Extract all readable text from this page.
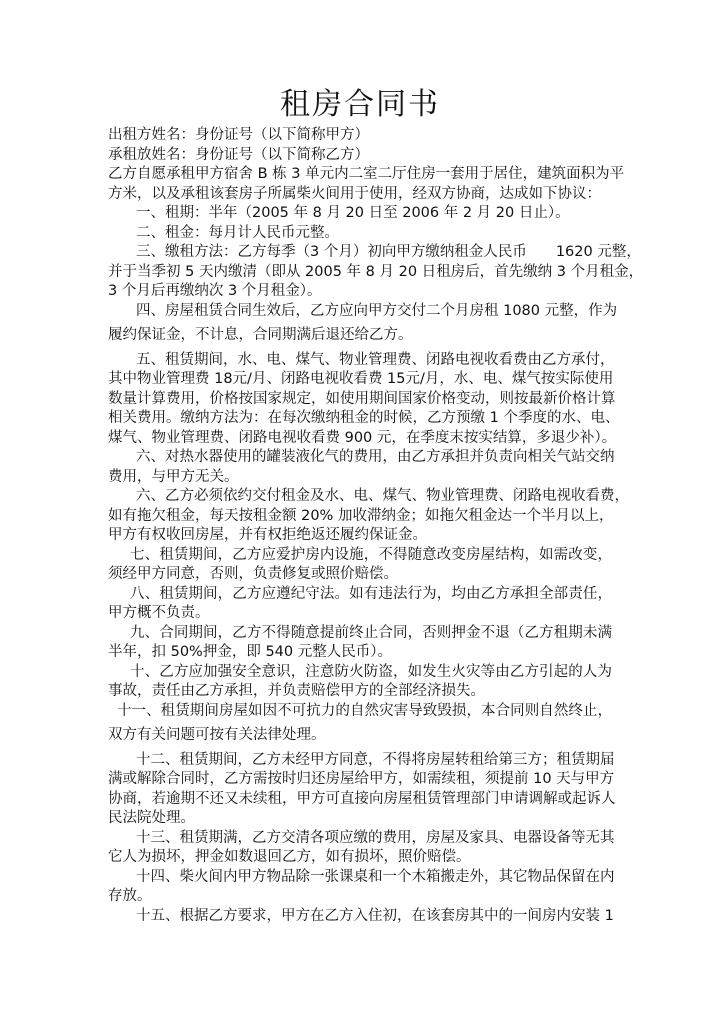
租房合同书
出租方姓名：身份证号（以下简称甲方）
承租放姓名：身份证号（以下简称乙方）
乙方自愿承租甲方宿舍 B 栋 3 单元内二室二厅住房一套用于居住，建筑面积为平
方米，以及承租该套房子所属柴火间用于使用，经双方协商，达成如下协议：
一、租期：半年（2005 年 8 月 20 日至 2006 年 2 月 20 日止）。
二、租金：每月计人民币元整。
三、缴租方法：乙方每季（3 个月）初向甲方缴纳租金人民币　　1620 元整，
并于当季初 5 天内缴清（即从 2005 年 8 月 20 日租房后，首先缴纳 3 个月租金，
3 个月后再缴纳次 3 个月租金）。
四、房屋租赁合同生效后，乙方应向甲方交付二个月房租 1080 元整，作为
履约保证金，不计息，合同期满后退还给乙方。
五、租赁期间，水、电、煤气、物业管理费、闭路电视收看费由乙方承付，
其中物业管理费 18元/月、闭路电视收看费 15元/月，水、电、煤气按实际使用
数量计算费用，价格按国家规定，如使用期间国家价格变动，则按最新价格计算
相关费用。缴纳方法为：在每次缴纳租金的时候，乙方预缴 1 个季度的水、电、
煤气、物业管理费、闭路电视收看费 900 元，在季度末按实结算，多退少补）。
六、对热水器使用的罐装液化气的费用，由乙方承担并负责向相关气站交纳
费用，与甲方无关。
六、乙方必须依约交付租金及水、电、煤气、物业管理费、闭路电视收看费，
如有拖欠租金，每天按租金额 20% 加收滞纳金；如拖欠租金达一个半月以上，
甲方有权收回房屋，并有权拒绝返还履约保证金。
七、租赁期间，乙方应爱护房内设施，不得随意改变房屋结构，如需改变，
须经甲方同意，否则，负责修复或照价赔偿。
八、租赁期间，乙方应遵纪守法。如有违法行为，均由乙方承担全部责任，
甲方概不负责。
九、合同期间，乙方不得随意提前终止合同，否则押金不退（乙方租期未满
半年，扣 50%押金，即 540 元整人民币）。
十、乙方应加强安全意识，注意防火防盗，如发生火灾等由乙方引起的人为
事故，责任由乙方承担，并负责赔偿甲方的全部经济损失。
十一、租赁期间房屋如因不可抗力的自然灾害导致毁损，本合同则自然终止，
双方有关问题可按有关法律处理。
十二、租赁期间，乙方未经甲方同意，不得将房屋转租给第三方；租赁期届
满或解除合同时，乙方需按时归还房屋给甲方，如需续租，须提前 10 天与甲方
协商，若逾期不还又未续租，甲方可直接向房屋租赁管理部门申请调解或起诉人
民法院处理。
十三、租赁期满，乙方交清各项应缴的费用，房屋及家具、电器设备等无其
它人为损坏，押金如数退回乙方，如有损坏，照价赔偿。
十四、柴火间内甲方物品除一张课桌和一个木箱搬走外，其它物品保留在内
存放。
十五、根据乙方要求，甲方在乙方入住初，在该套房其中的一间房内安装 1
